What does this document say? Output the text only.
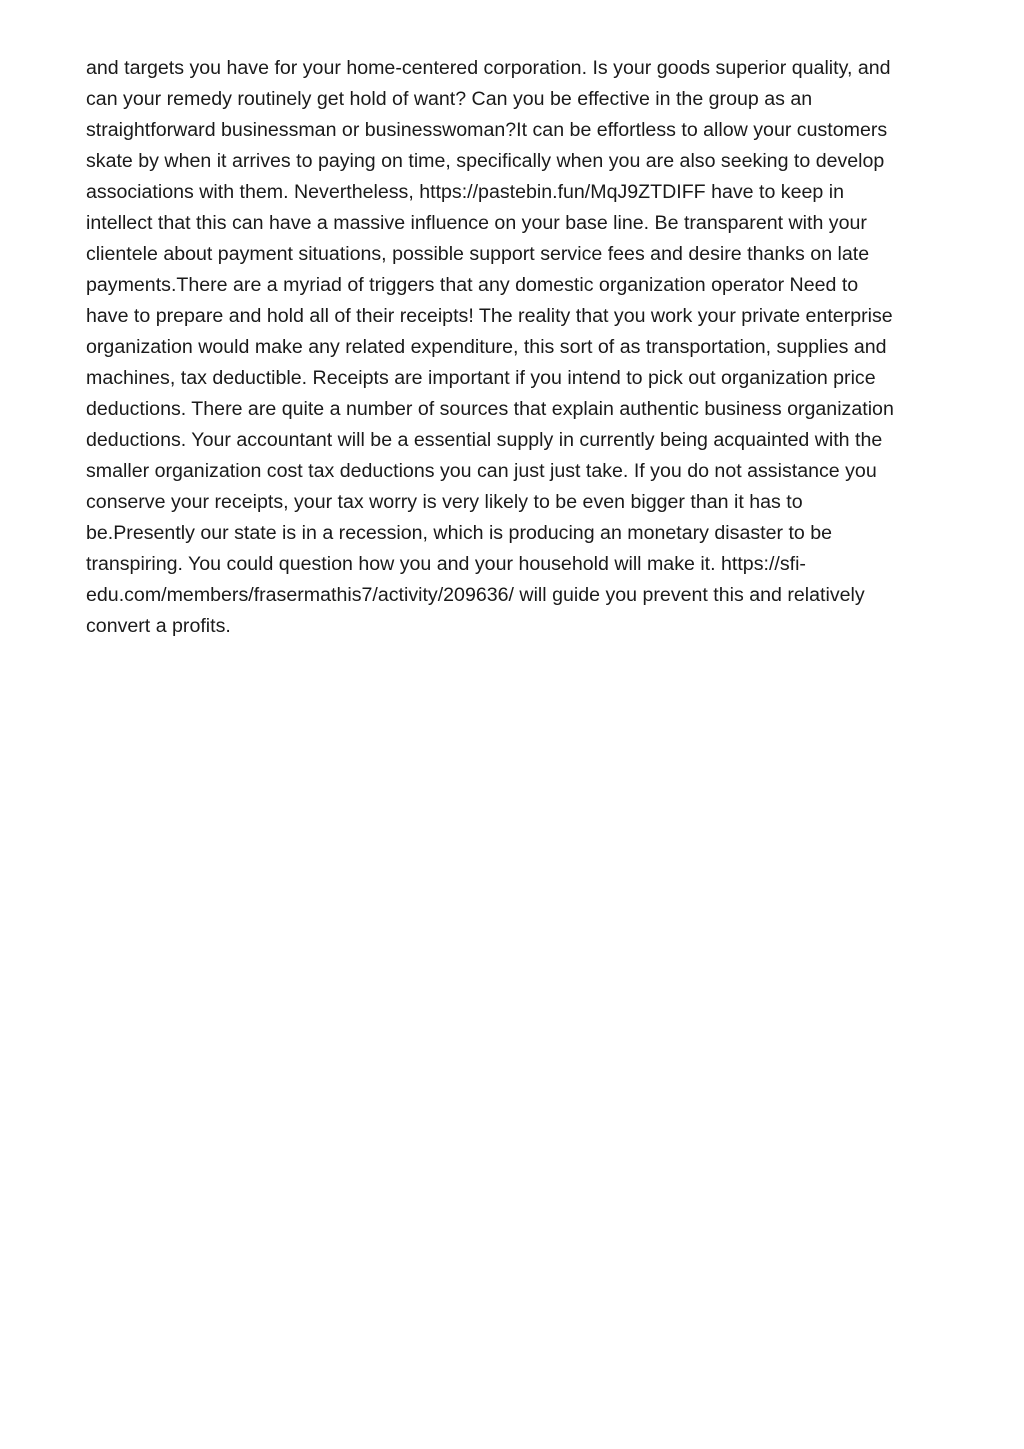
and targets you have for your home-centered corporation. Is your goods superior quality, and
can your remedy routinely get hold of want? Can you be effective in the group as an
straightforward businessman or businesswoman?It can be effortless to allow your customers
skate by when it arrives to paying on time, specifically when you are also seeking to develop
associations with them. Nevertheless, https://pastebin.fun/MqJ9ZTDIFF have to keep in
intellect that this can have a massive influence on your base line. Be transparent with your
clientele about payment situations, possible support service fees and desire thanks on late
payments.There are a myriad of triggers that any domestic organization operator Need to
have to prepare and hold all of their receipts! The reality that you work your private enterprise
organization would make any related expenditure, this sort of as transportation, supplies and
machines, tax deductible. Receipts are important if you intend to pick out organization price
deductions. There are quite a number of sources that explain authentic business organization
deductions. Your accountant will be a essential supply in currently being acquainted with the
smaller organization cost tax deductions you can just just take. If you do not assistance you
conserve your receipts, your tax worry is very likely to be even bigger than it has to
be.Presently our state is in a recession, which is producing an monetary disaster to be
transpiring. You could question how you and your household will make it. https://sfi-
edu.com/members/frasermathis7/activity/209636/ will guide you prevent this and relatively
convert a profits.
